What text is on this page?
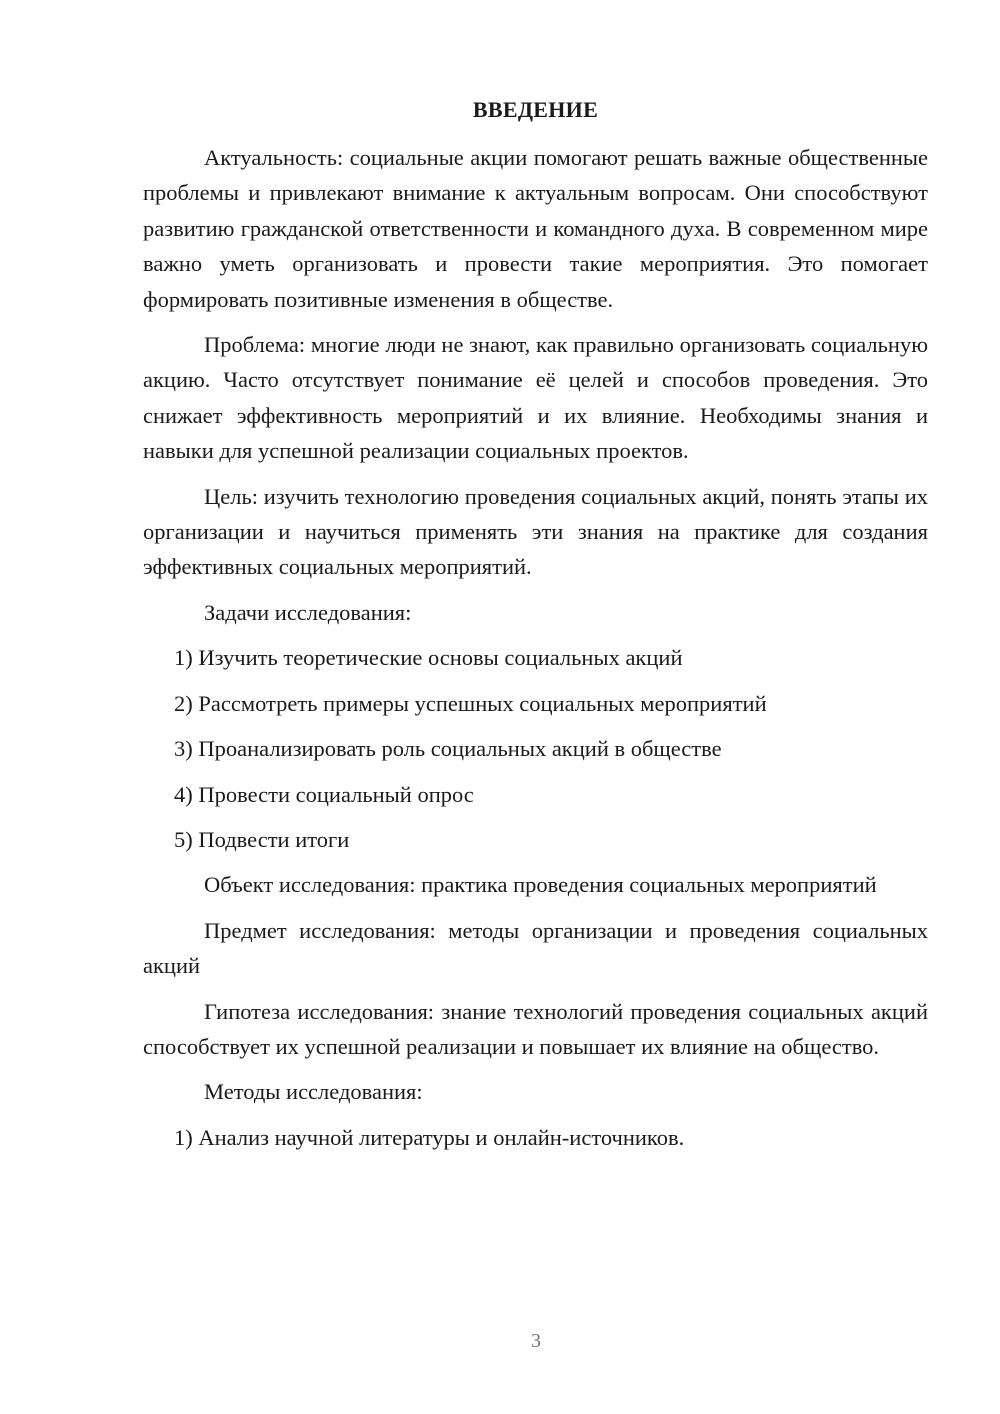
ВВЕДЕНИЕ

Актуальность: социальные акции помогают решать важные общественные проблемы и привлекают внимание к актуальным вопросам. Они способствуют развитию гражданской ответственности и командного духа. В современном мире важно уметь организовать и провести такие мероприятия. Это помогает формировать позитивные изменения в обществе.

Проблема: многие люди не знают, как правильно организовать социальную акцию. Часто отсутствует понимание её целей и способов проведения. Это снижает эффективность мероприятий и их влияние. Необходимы знания и навыки для успешной реализации социальных проектов.

Цель: изучить технологию проведения социальных акций, понять этапы их организации и научиться применять эти знания на практике для создания эффективных социальных мероприятий.

Задачи исследования:

1) Изучить теоретические основы социальных акций

2) Рассмотреть примеры успешных социальных мероприятий

3) Проанализировать роль социальных акций в обществе

4) Провести социальный опрос

5) Подвести итоги

Объект исследования: практика проведения социальных мероприятий

Предмет исследования: методы организации и проведения социальных акций

Гипотеза исследования: знание технологий проведения социальных акций способствует их успешной реализации и повышает их влияние на общество.

Методы исследования:

1) Анализ научной литературы и онлайн-источников.

3
